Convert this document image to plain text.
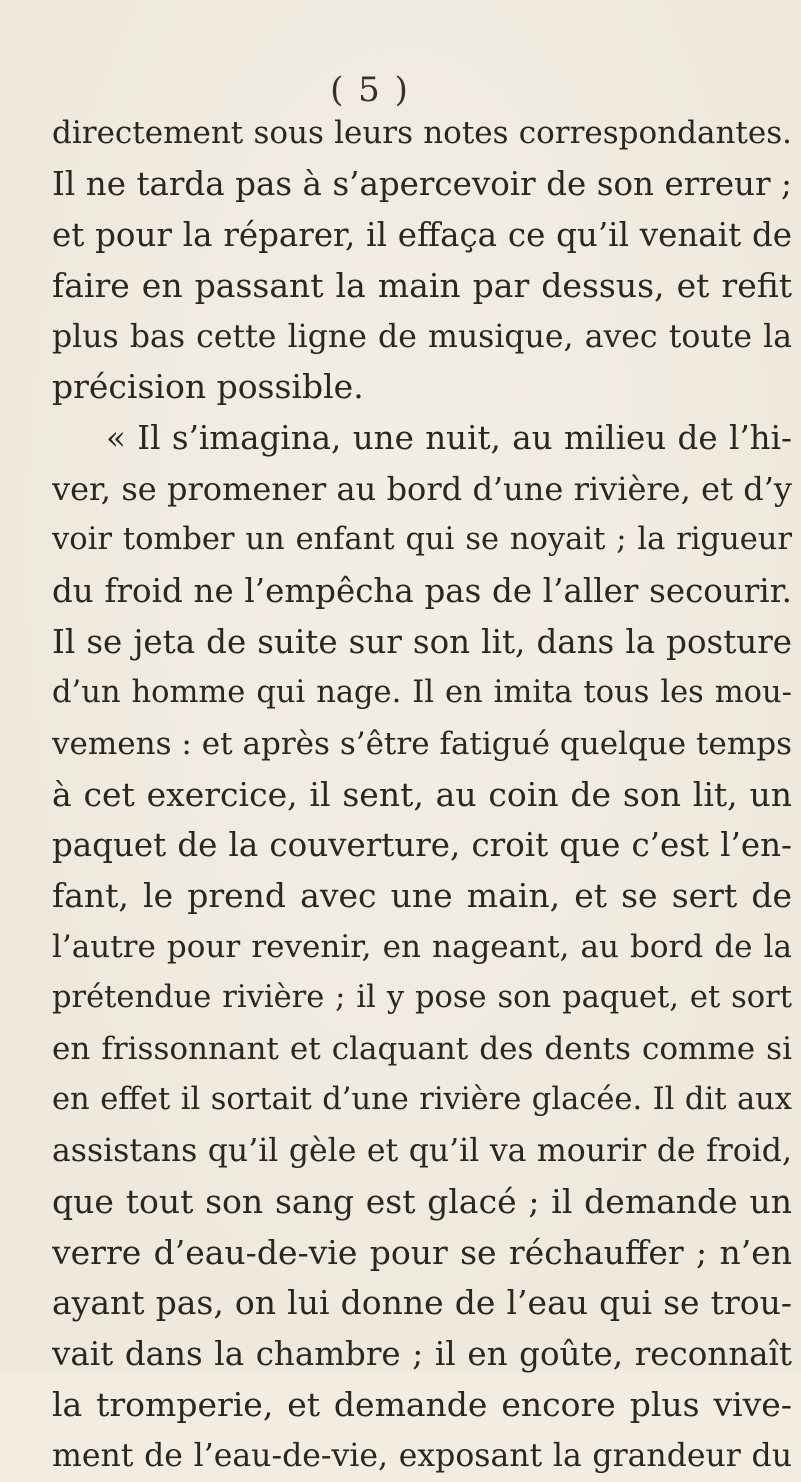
( 5 )
directement sous leurs notes correspondantes.
Il ne tarda pas à s’apercevoir de son erreur ;
et pour la réparer, il effaça ce qu’il venait de
faire en passant la main par dessus, et refit
plus bas cette ligne de musique, avec toute la
précision possible.
« Il s’imagina, une nuit, au milieu de l’hi-
ver, se promener au bord d’une rivière, et d’y
voir tomber un enfant qui se noyait ; la rigueur
du froid ne l’empêcha pas de l’aller secourir.
Il se jeta de suite sur son lit, dans la posture
d’un homme qui nage. Il en imita tous les mou-
vemens : et après s’être fatigué quelque temps
à cet exercice, il sent, au coin de son lit, un
paquet de la couverture, croit que c’est l’en-
fant, le prend avec une main, et se sert de
l’autre pour revenir, en nageant, au bord de la
prétendue rivière ; il y pose son paquet, et sort
en frissonnant et claquant des dents comme si
en effet il sortait d’une rivière glacée. Il dit aux
assistans qu’il gèle et qu’il va mourir de froid,
que tout son sang est glacé ; il demande un
verre d’eau-de-vie pour se réchauffer ; n’en
ayant pas, on lui donne de l’eau qui se trou-
vait dans la chambre ; il en goûte, reconnaît
la tromperie, et demande encore plus vive-
ment de l’eau-de-vie, exposant la grandeur du
